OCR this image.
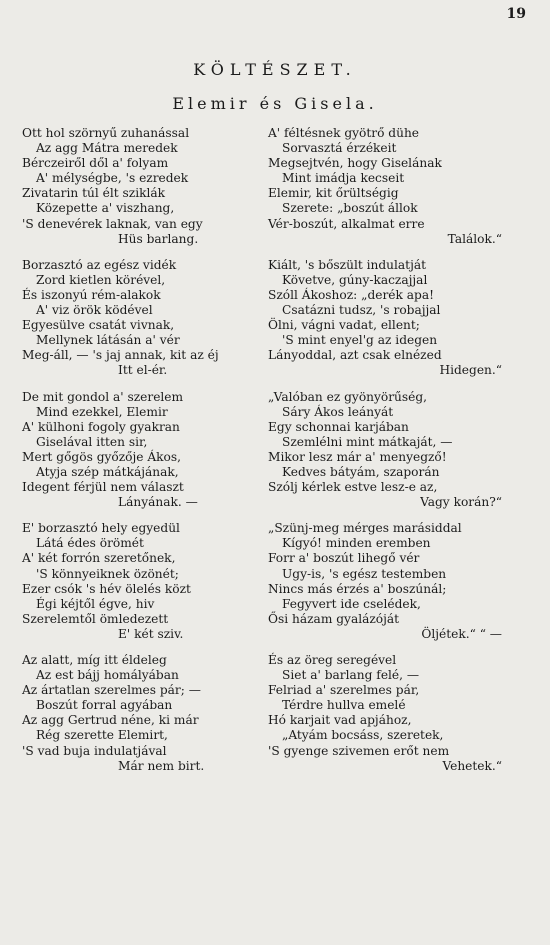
19
KÖLTÉSZET.
Elemir és Gisela.
Ott hol szörnyű zuhanással
Az agg Mátra meredek
Bérczeiről dől a' folyam
A' mélységbe, 's ezredek
Zivatarin túl élt sziklák
Közepette a' viszhang,
'S denevérek laknak, van egy
Hüs barlang.
Borzasztó az egész vidék
Zord kietlen körével,
És iszonyú rém-alakok
A' viz örök ködével
Egyesülve csatát vivnak,
Mellynek látásán a' vér
Meg-áll, — 's jaj annak, kit az éj
Itt el-ér.
De mit gondol a' szerelem
Mind ezekkel, Elemir
A' külhoni fogoly gyakran
Giselával itten sir,
Mert gőgös győzője Ákos,
Atyja szép mátkájának,
Idegent férjül nem választ
Lányának. —
E' borzasztó hely egyedül
Látá édes örömét
A' két forrón szeretőnek,
'S könnyeiknek özönét;
Ezer csók 's hév ölelés közt
Égi kéjtől égve, hiv
Szerelemtől ömledezett
E' két sziv.
Az alatt, míg itt éldeleg
Az est bájj homályában
Az ártatlan szerelmes pár; —
Boszút forral agyában
Az agg Gertrud néne, ki már
Rég szerette Elemirt,
'S vad buja indulatjával
Már nem birt.
A' féltésnek gyötrő dühe
Sorvasztá érzékeit
Megsejtvén, hogy Giselának
Mint imádja kecseit
Elemir, kit őrültségig
Szerete: „boszút állok
Vér-boszút, alkalmat erre
Találok.“
Kiált, 's bőszült indulatját
Követve, gúny-kaczajjal
Szóll Ákoshoz: „derék apa!
Csatázni tudsz, 's robajjal
Ölni, vágni vadat, ellent;
'S mint enyel'g az idegen
Lányoddal, azt csak elnézed
Hidegen.“
„Valóban ez gyönyörűség,
Sáry Ákos leányát
Egy schonnai karjában
Szemlélni mint mátkaját, —
Mikor lesz már a' menyegző!
Kedves bátyám, szaporán
Szólj kérlek estve lesz-e az,
Vagy korán?“
„Szünj-meg mérges marásiddal
Kígyó! minden eremben
Forr a' boszút lihegő vér
Ugy-is, 's egész testemben
Nincs más érzés a' boszúnál;
Fegyvert ide cselédek,
Ősi házam gyalázóját
Öljétek.“ “ —
És az öreg seregével
Siet a' barlang felé, —
Felriad a' szerelmes pár,
Térdre hullva emelé
Hó karjait vad apjához,
„Atyám bocsáss, szeretek,
'S gyenge szivemen erőt nem
Vehetek.“
